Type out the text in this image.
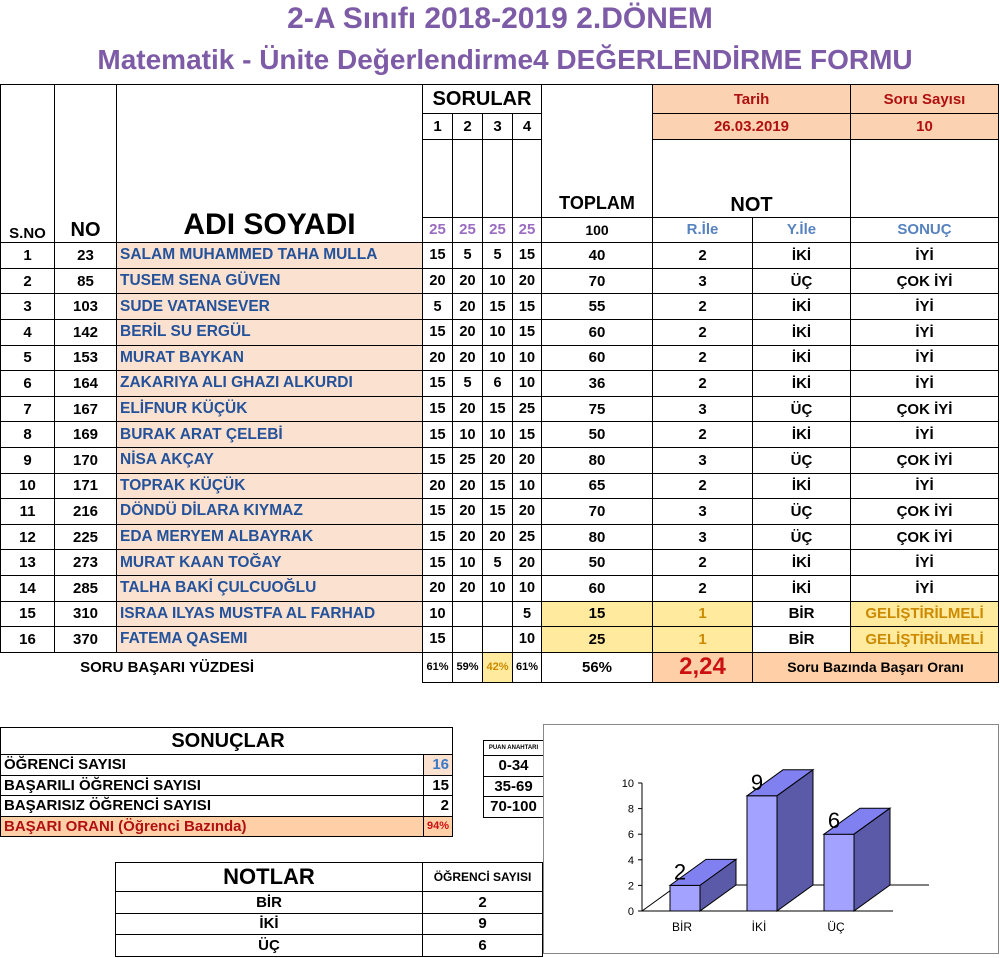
2-A Sınıfı 2018-2019 2.DÖNEM
Matematik - Ünite Değerlendirme4 DEĞERLENDİRME FORMU
S.NO	NO	ADI SOYADI	SORULAR				TOPLAM	Tarih		Soru Sayısı
			1	2	3	4		26.03.2019		10
								NOT		
			25	25	25	25	100	R.İle	Y.İle	SONUÇ
1	23	SALAM MUHAMMED TAHA MULLA	15	5	5	15	40	2	İKİ	İYİ
2	85	TUSEM SENA GÜVEN	20	20	10	20	70	3	ÜÇ	ÇOK İYİ
3	103	SUDE VATANSEVER	5	20	15	15	55	2	İKİ	İYİ
4	142	BERİL SU ERGÜL	15	20	10	15	60	2	İKİ	İYİ
5	153	MURAT BAYKAN	20	20	10	10	60	2	İKİ	İYİ
6	164	ZAKARIYA ALI GHAZI ALKURDI	15	5	6	10	36	2	İKİ	İYİ
7	167	ELİFNUR KÜÇÜK	15	20	15	25	75	3	ÜÇ	ÇOK İYİ
8	169	BURAK ARAT ÇELEBİ	15	10	10	15	50	2	İKİ	İYİ
9	170	NİSA AKÇAY	15	25	20	20	80	3	ÜÇ	ÇOK İYİ
10	171	TOPRAK KÜÇÜK	20	20	15	10	65	2	İKİ	İYİ
11	216	DÖNDÜ DİLARA KIYMAZ	15	20	15	20	70	3	ÜÇ	ÇOK İYİ
12	225	EDA MERYEM ALBAYRAK	15	20	20	25	80	3	ÜÇ	ÇOK İYİ
13	273	MURAT KAAN TOĞAY	15	10	5	20	50	2	İKİ	İYİ
14	285	TALHA BAKİ ÇULCUOĞLU	20	20	10	10	60	2	İKİ	İYİ
15	310	ISRAA ILYAS MUSTFA AL FARHAD	10			5	15	1	BİR	GELİŞTİRİLMELİ
16	370	FATEMA QASEMI	15			10	25	1	BİR	GELİŞTİRİLMELİ
SORU BAŞARI YÜZDESİ			61%	59%	42%	61%	56%	2,24	Soru Bazında Başarı Oranı	
SONUÇLAR	
ÖĞRENCİ SAYISI	16
BAŞARILI ÖĞRENCİ SAYISI	15
BAŞARISIZ ÖĞRENCİ SAYISI	2
BAŞARI ORANI (Öğrenci Bazında)	94%
PUAN ANAHTARI
0-34
35-69
70-100
NOTLAR	ÖĞRENCİ SAYISI
BİR	2
İKİ	9
ÜÇ	6
0
2
4
6
8
10
2
BİR
9
İKİ
6
ÜÇ
